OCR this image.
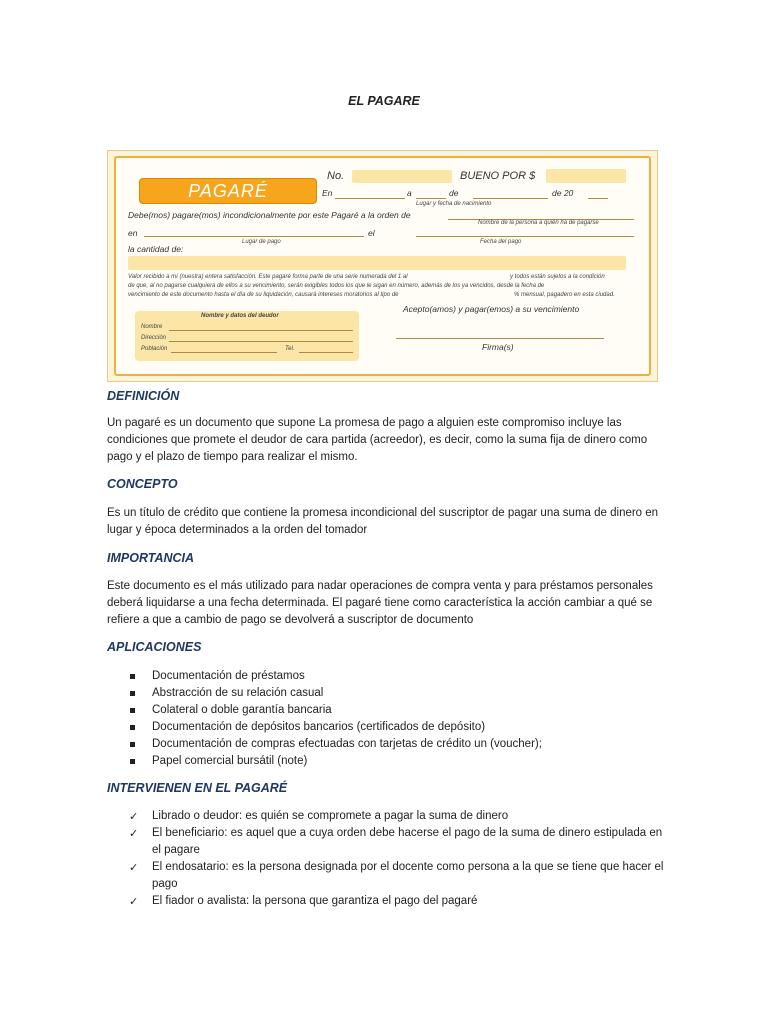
EL PAGARE
PAGARÉ
No.	BUENO POR $
En	a	de	de 20
Lugar y fecha de nacimiento
Debe(mos) pagare(mos) incondicionalmente por este Pagaré a la orden de
Nombre de la persona a quién ha de pagarse
en	el
Lugar de pago	Fecha del pago
la cantidad de:
Valor recibido a mí (nuestra) entera satisfacción. Este pagaré forma parte de una serie numerada del 1 al	y todos están sujetos a la condición
de que, al no pagarse cualquiera de ellos a su vencimiento, serán exigibles todos los que le sigan en número, además de los ya vencidos, desde la fecha de
vencimiento de este documento hasta el día de su liquidación, causará intereses moratorios al tipo de	% mensual, pagadero en esta ciudad.
Nombre y datos del deudor
Nombre
Dirección
Población	Tel.
Acepto(amos) y pagar(emos) a su vencimiento
Firma(s)
DEFINICIÓN
Un pagaré es un documento que supone La promesa de pago a alguien este compromiso incluye las
condiciones que promete el deudor de cara partida (acreedor), es decir, como la suma fija de dinero como
pago y el plazo de tiempo para realizar el mismo.
CONCEPTO
Es un título de crédito que contiene la promesa incondicional del suscriptor de pagar una suma de dinero en
lugar y época determinados a la orden del tomador
IMPORTANCIA
Este documento es el más utilizado para nadar operaciones de compra venta y para préstamos personales
deberá liquidarse a una fecha determinada. El pagaré tiene como característica la acción cambiar a qué se
refiere a que a cambio de pago se devolverá a suscriptor de documento
APLICACIONES
Documentación de préstamos
Abstracción de su relación casual
Colateral o doble garantía bancaria
Documentación de depósitos bancarios (certificados de depósito)
Documentación de compras efectuadas con tarjetas de crédito un (voucher);
Papel comercial bursátil (note)
INTERVIENEN EN EL PAGARÉ
✓ Librado o deudor: es quién se compromete a pagar la suma de dinero
✓ El beneficiario: es aquel que a cuya orden debe hacerse el pago de la suma de dinero estipulada en
el pagare
✓ El endosatario: es la persona designada por el docente como persona a la que se tiene que hacer el
pago
✓ El fiador o avalista: la persona que garantiza el pago del pagaré
